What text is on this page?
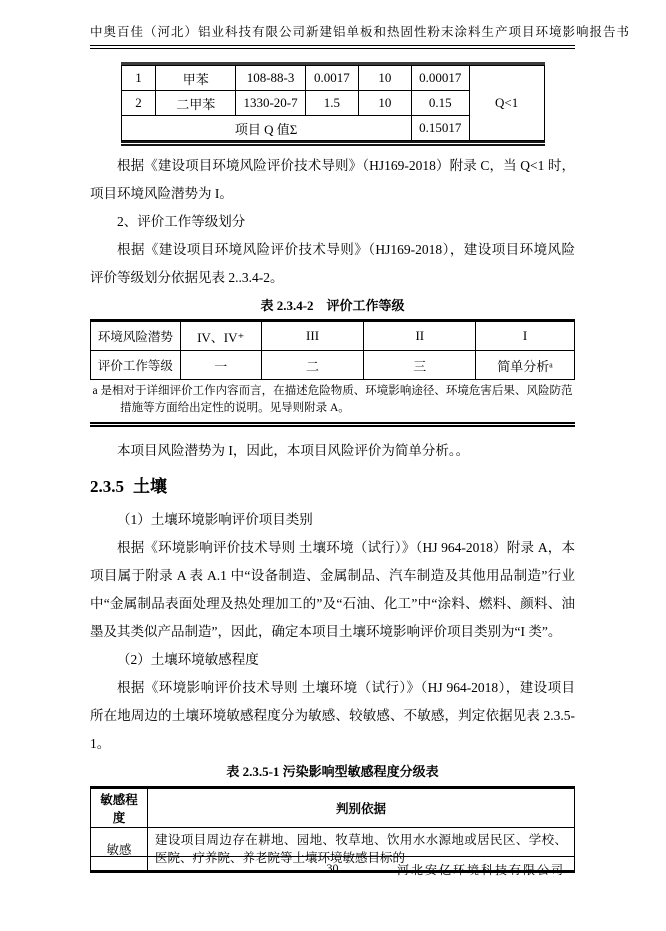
中奥百佳（河北）铝业科技有限公司新建铝单板和热固性粉末涂料生产项目环境影响报告书
1	甲苯	108-88-3	0.0017	10	0.00017	Q<1
2	二甲苯	1330-20-7	1.5	10	0.15	
项目 Q 值Σ					0.15017	

根据《建设项目环境风险评价技术导则》（HJ169-2018）附录 C，当 Q<1 时，项目环境风险潜势为 I。

2、评价工作等级划分

根据《建设项目环境风险评价技术导则》（HJ169-2018），建设项目环境风险评价等级划分依据见表 2..3.4-2。

表 2.3.4-2　评价工作等级
环境风险潜势	IV、IV⁺	III	II	I
评价工作等级	一	二	三	简单分析ᵃ

a 是相对于详细评价工作内容而言，在描述危险物质、环境影响途径、环境危害后果、风险防范措施等方面给出定性的说明。见导则附录 A。				

本项目风险潜势为 I，因此，本项目风险评价为简单分析。。

2.3.5 土壤

（1）土壤环境影响评价项目类别

根据《环境影响评价技术导则 土壤环境（试行）》（HJ 964-2018）附录 A，本项目属于附录 A 表 A.1 中“设备制造、金属制品、汽车制造及其他用品制造”行业中“金属制品表面处理及热处理加工的”及“石油、化工”中“涂料、燃料、颜料、油墨及其类似产品制造”，因此，确定本项目土壤环境影响评价项目类别为“I 类”。

（2）土壤环境敏感程度

根据《环境影响评价技术导则 土壤环境（试行）》（HJ 964-2018），建设项目所在地周边的土壤环境敏感程度分为敏感、较敏感、不敏感，判定依据见表 2.3.5-1。

表 2.3.5-1 污染影响型敏感程度分级表
敏感程度	判别依据
敏感	建设项目周边存在耕地、园地、牧草地、饮用水水源地或居民区、学校、医院、疗养院、养老院等土壤环境敏感目标的
30	河北安亿环境科技有限公司
